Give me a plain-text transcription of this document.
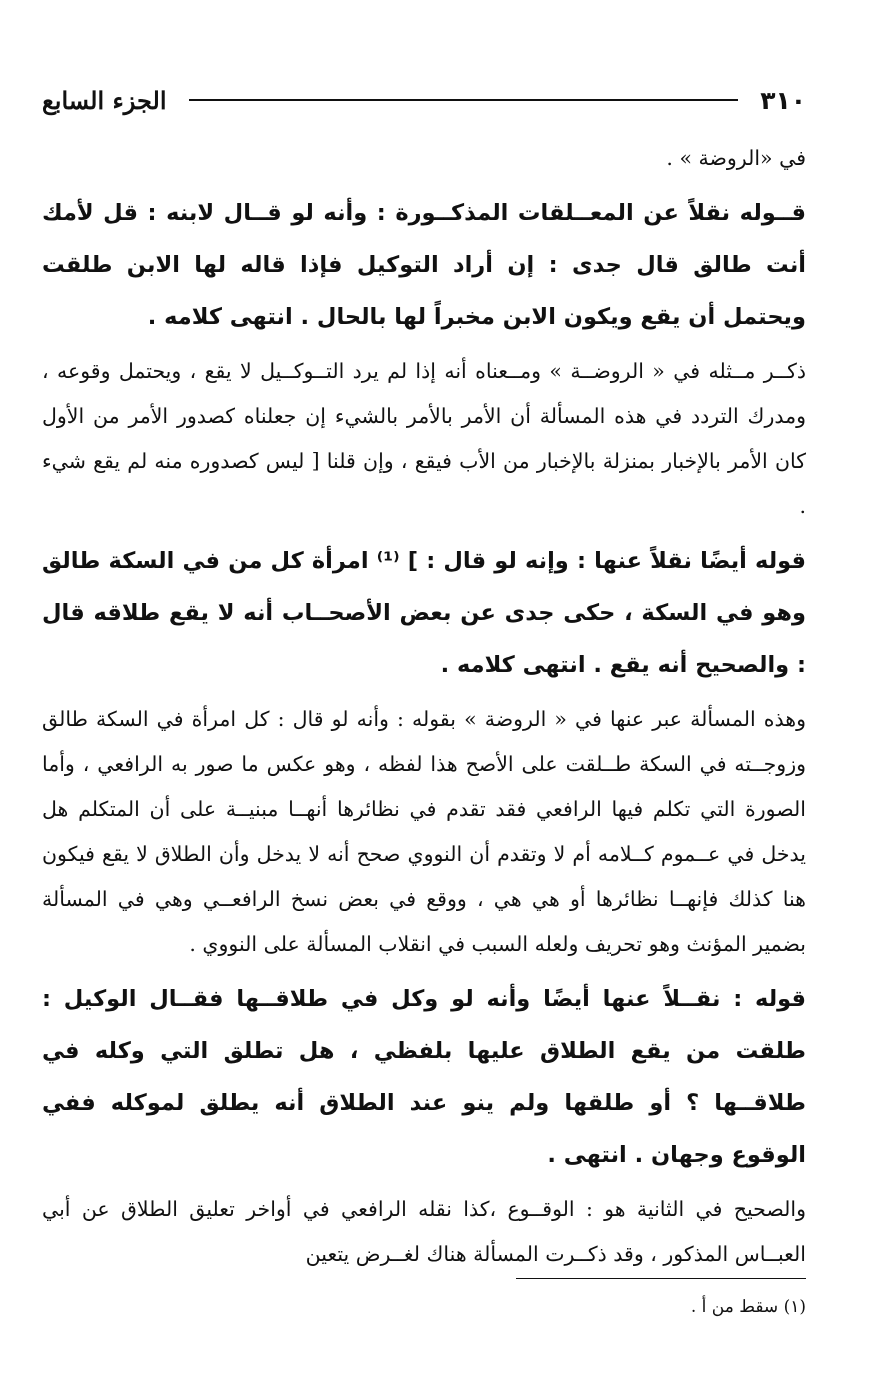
٣١٠
الجزء السابع

في «الروضة » .

قــوله نقلاً عن المعــلقات المذكــورة : وأنه لو قــال لابنه : قل لأمك أنت طالق قال جدى : إن أراد التوكيل فإذا قاله لها الابن طلقت ويحتمل أن يقع ويكون الابن مخبراً لها بالحال . انتهى كلامه .

ذكــر مــثله في « الروضــة » ومــعناه أنه إذا لم يرد التــوكــيل لا يقع ، ويحتمل وقوعه ، ومدرك التردد في هذه المسألة أن الأمر بالأمر بالشيء إن جعلناه كصدور الأمر من الأول كان الأمر بالإخبار بمنزلة بالإخبار من الأب فيقع ، وإن قلنا [ ليس كصدوره منه لم يقع شيء .

قوله أيضًا نقلاً عنها : وإنه لو قال : ] ⁽¹⁾ امرأة كل من في السكة طالق وهو في السكة ، حكى جدى عن بعض الأصحــاب أنه لا يقع طلاقه قال : والصحيح أنه يقع . انتهى كلامه .

وهذه المسألة عبر عنها في « الروضة » بقوله : وأنه لو قال : كل امرأة في السكة طالق وزوجــته في السكة طــلقت على الأصح هذا لفظه ، وهو عكس ما صور به الرافعي ، وأما الصورة التي تكلم فيها الرافعي فقد تقدم في نظائرها أنهــا مبنيــة على أن المتكلم هل يدخل في عــموم كــلامه أم لا وتقدم أن النووي صحح أنه لا يدخل وأن الطلاق لا يقع فيكون هنا كذلك فإنهــا نظائرها أو هي هي ، ووقع في بعض نسخ الرافعــي وهي في المسألة بضمير المؤنث وهو تحريف ولعله السبب في انقلاب المسألة على النووي .

قوله : نقــلاً عنها أيضًا وأنه لو وكل في طلاقــها فقــال الوكيل : طلقت من يقع الطلاق عليها بلفظي ، هل تطلق التي وكله في طلاقــها ؟ أو طلقها ولم ينو عند الطلاق أنه يطلق لموكله ففي الوقوع وجهان . انتهى .

والصحيح في الثانية هو : الوقــوع ،كذا نقله الرافعي في أواخر تعليق الطلاق عن أبي العبــاس المذكور ، وقد ذكــرت المسألة هناك لغــرض يتعين

(١) سقط من أ .
